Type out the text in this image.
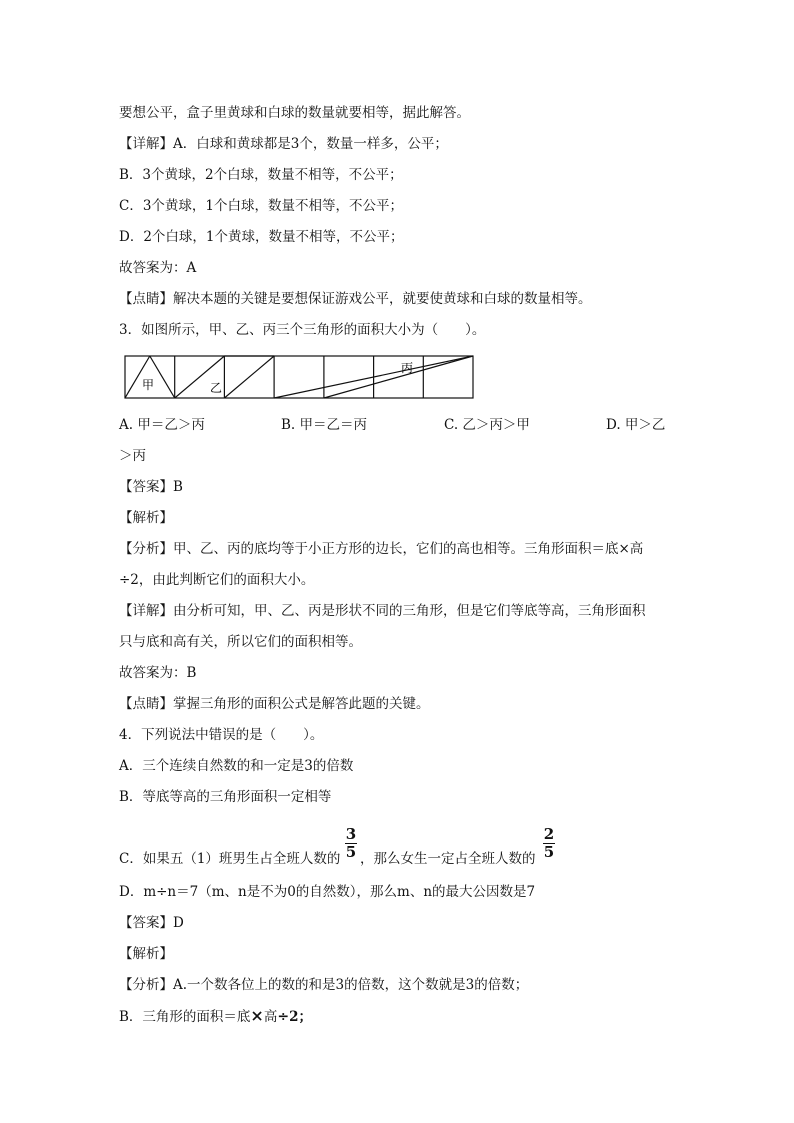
要想公平，盒子里黄球和白球的数量就要相等，据此解答。
【详解】A．白球和黄球都是3个，数量一样多，公平；
B．3个黄球，2个白球，数量不相等，不公平；
C．3个黄球，1个白球，数量不相等，不公平；
D．2个白球，1个黄球，数量不相等，不公平；
故答案为：A
【点睛】解决本题的关键是要想保证游戏公平，就要使黄球和白球的数量相等。
3．如图所示，甲、乙、丙三个三角形的面积大小为（　　）。
甲	乙
丙
A. 甲＝乙＞丙	B. 甲＝乙＝丙	C. 乙＞丙＞甲	D. 甲＞乙
＞丙
【答案】B
【解析】
【分析】甲、乙、丙的底均等于小正方形的边长，它们的高也相等。三角形面积＝底×高
÷2，由此判断它们的面积大小。
【详解】由分析可知，甲、乙、丙是形状不同的三角形，但是它们等底等高，三角形面积
只与底和高有关，所以它们的面积相等。
故答案为：B
【点睛】掌握三角形的面积公式是解答此题的关键。
4．下列说法中错误的是（　　）。
A．三个连续自然数的和一定是3的倍数
B．等底等高的三角形面积一定相等
C．如果五（1）班男生占全班人数的
3
5 ，那么女生一定占全班人数的
2
5
D．m÷n＝7（m、n是不为0的自然数），那么m、n的最大公因数是7
【答案】D
【解析】
【分析】A.一个数各位上的数的和是3的倍数，这个数就是3的倍数；
B．三角形的面积＝底×高÷2；
